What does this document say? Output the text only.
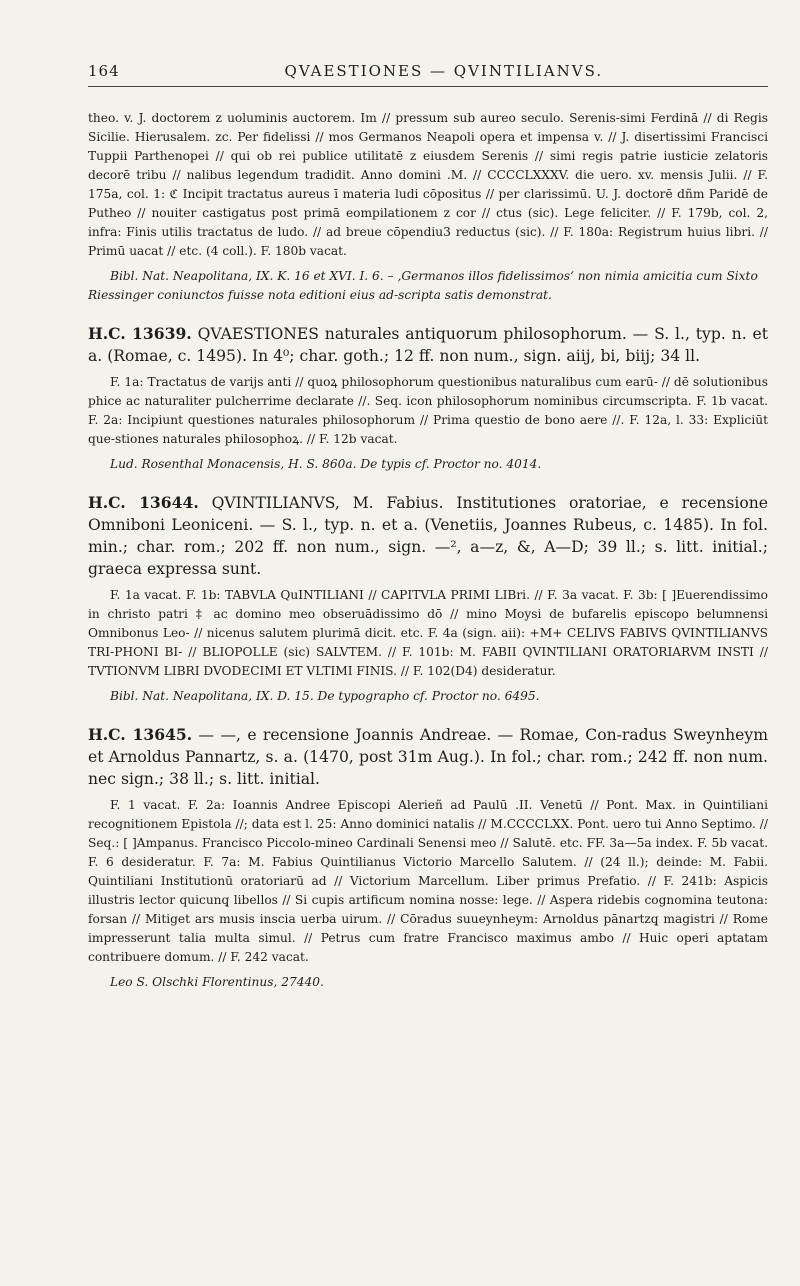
164	QVAESTIONES — QVINTILIANVS.

theo. v. J. doctorem z uoluminis auctorem. Im // pressum sub aureo seculo. Serenis-simi Ferdinā // di Regis Sicilie. Hierusalem. zc. Per fidelissi // mos Germanos Neapoli opera et impensa v. // J. disertissimi Francisci Tuppii Parthenopei // qui ob rei publice utilitatē z eiusdem Serenis // simi regis patrie iusticie zelatoris decorē tribu // nalibus legendum tradidit. Anno domini .M. // CCCCLXXXV. die uero. xv. mensis Julii. // F. 175a, col. 1: ℭ Incipit tractatus aureus ī materia ludi cōpositus // per clarissimū. U. J. doctorē dñm Paridē de Putheo // nouiter castigatus post primā eompilationem z cor // ctus (sic). Lege feliciter. // F. 179b, col. 2, infra: Finis utilis tractatus de ludo. // ad breue cōpendiu3 reductus (sic). // F. 180a: Registrum huius libri. // Primū uacat // etc. (4 coll.). F. 180b vacat.

Bibl. Nat. Neapolitana, IX. K. 16 et XVI. I. 6. – ‚Germanos illos fidelissimos‘ non nimia amicitia cum Sixto Riessinger coniunctos fuisse nota editioni eius ad-scripta satis demonstrat.

H.C. 13639. QVAESTIONES naturales antiquorum philosophorum. — S. l., typ. n. et a. (Romae, c. 1495). In 4⁰; char. goth.; 12 ff. non num., sign. aiij, bi, biij; 34 ll.

F. 1a: Tractatus de varijs anti // quoꝝ philosophorum questionibus naturalibus cum earū- // dē solutionibus phice ac naturaliter pulcherrime declarate //. Seq. icon philosophorum nominibus circumscripta. F. 1b vacat. F. 2a: Incipiunt questiones naturales philosophorum // Prima questio de bono aere //. F. 12a, l. 33: Expliciūt que-stiones naturales philosophoꝝ. // F. 12b vacat.

Lud. Rosenthal Monacensis, H. S. 860a. De typis cf. Proctor no. 4014.

H.C. 13644. QVINTILIANVS, M. Fabius. Institutiones oratoriae, e recensione Omniboni Leoniceni. — S. l., typ. n. et a. (Venetiis, Joannes Rubeus, c. 1485). In fol. min.; char. rom.; 202 ff. non num., sign. —², a—z, &, A—D; 39 ll.; s. litt. initial.; graeca expressa sunt.

F. 1a vacat. F. 1b: TABVLA QuINTILIANI // CAPITVLA PRIMI LIBri. // F. 3a vacat. F. 3b: [ ]Euerendissimo in christo patri ‡ ac domino meo obseruādissimo dō // mino Moysi de bufarelis episcopo belumnensi Omnibonus Leo- // nicenus salutem plurimā dicit. etc. F. 4a (sign. aii): +M+ CELIVS FABIVS QVINTILIANVS TRI-PHONI BI- // BLIOPOLLE (sic) SALVTEM. // F. 101b: M. FABII QVINTILIANI ORATORIARVM INSTI // TVTIONVM LIBRI DVODECIMI ET VLTIMI FINIS. // F. 102(D4) desideratur.

Bibl. Nat. Neapolitana, IX. D. 15. De typographo cf. Proctor no. 6495.

H.C. 13645. — —, e recensione Joannis Andreae. — Romae, Con-radus Sweynheym et Arnoldus Pannartz, s. a. (1470, post 31m Aug.). In fol.; char. rom.; 242 ff. non num. nec sign.; 38 ll.; s. litt. initial.

F. 1 vacat. F. 2a: Ioannis Andree Episcopi Alerieñ ad Paulū .II. Venetū // Pont. Max. in Quintiliani recognitionem Epistola //; data est l. 25: Anno dominici natalis // M.CCCCLXX. Pont. uero tui Anno Septimo. // Seq.: [ ]Ampanus. Francisco Piccolo-mineo Cardinali Senensi meo // Salutē. etc. FF. 3a—5a index. F. 5b vacat. F. 6 desideratur. F. 7a: M. Fabius Quintilianus Victorio Marcello Salutem. // (24 ll.); deinde: M. Fabii. Quintiliani Institutionū oratoriarū ad // Victorium Marcellum. Liber primus Prefatio. // F. 241b: Aspicis illustris lector quicunq̧ libellos // Si cupis artificum nomina nosse: lege. // Aspera ridebis cognomina teutona: forsan // Mitiget ars musis inscia uerba uirum. // Cōradus suueynheym: Arnoldus pānartzq̧ magistri // Rome impresserunt talia multa simul. // Petrus cum fratre Francisco maximus ambo // Huic operi aptatam contribuere domum. // F. 242 vacat.

Leo S. Olschki Florentinus, 27440.
